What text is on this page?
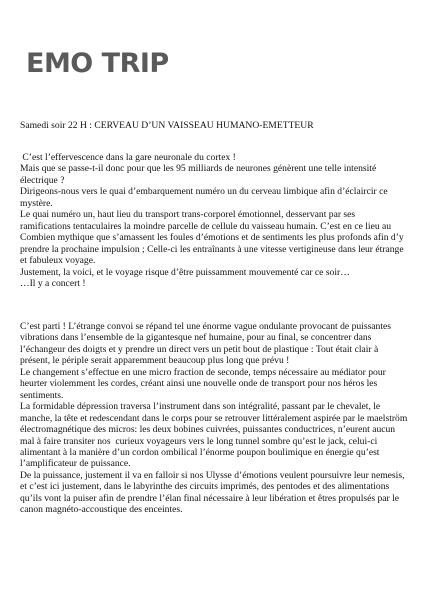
EMO TRIP

Samedi soir 22 H : CERVEAU D’UN VAISSEAU HUMANO-EMETTEUR

C’est l’effervescence dans la gare neuronale du cortex !

Mais que se passe-t-il donc pour que les 95 milliards de neurones génèrent une telle intensité électrique ?

Dirigeons-nous vers le quai d’embarquement numéro un du cerveau limbique afin d’éclaircir ce mystère.

Le quai numéro un, haut lieu du transport trans-corporel émotionnel, desservant par ses ramifications tentaculaires la moindre parcelle de cellule du vaisseau humain. C’est en ce lieu au Combien mythique que s’amassent les foules d’émotions et de sentiments les plus profonds afin d’y prendre la prochaine impulsion ; Celle-ci les entraînants à une vitesse vertigineuse dans leur étrange et fabuleux voyage.

Justement, la voici, et le voyage risque d’être puissamment mouvementé car ce soir…

…Il y a concert !

C’est parti ! L’étrange convoi se répand tel une énorme vague ondulante provocant de puissantes vibrations dans l’ensemble de la gigantesque nef humaine, pour au final, se concentrer dans l’échangeur des doigts et y prendre un direct vers un petit bout de plastique : Tout était clair à présent, le périple serait apparemment beaucoup plus long que prévu !

Le changement s’effectue en une micro fraction de seconde, temps nécessaire au médiator pour heurter violemment les cordes, créant ainsi une nouvelle onde de transport pour nos héros les sentiments.

La formidable dépression traversa l’instrument dans son intégralité, passant par le chevalet, le manche, la tête et redescendant dans le corps pour se retrouver littéralement aspirée par le maelström électromagnétique des micros: les deux bobines cuivrées, puissantes conductrices, n’eurent aucun mal à faire transiter nos  curieux voyageurs vers le long tunnel sombre qu’est le jack, celui-ci alimentant à la manière d’un cordon ombilical l’énorme poupon boulimique en énergie qu’est l’amplificateur de puissance.

De la puissance, justement il va en falloir si nos Ulysse d’émotions veulent poursuivre leur nemesis, et c’est ici justement, dans le labyrinthe des circuits imprimés, des pentodes et des alimentations qu’ils vont la puiser afin de prendre l’élan final nécessaire à leur libération et êtres propulsés par le canon magnéto-accoustique des enceintes.
